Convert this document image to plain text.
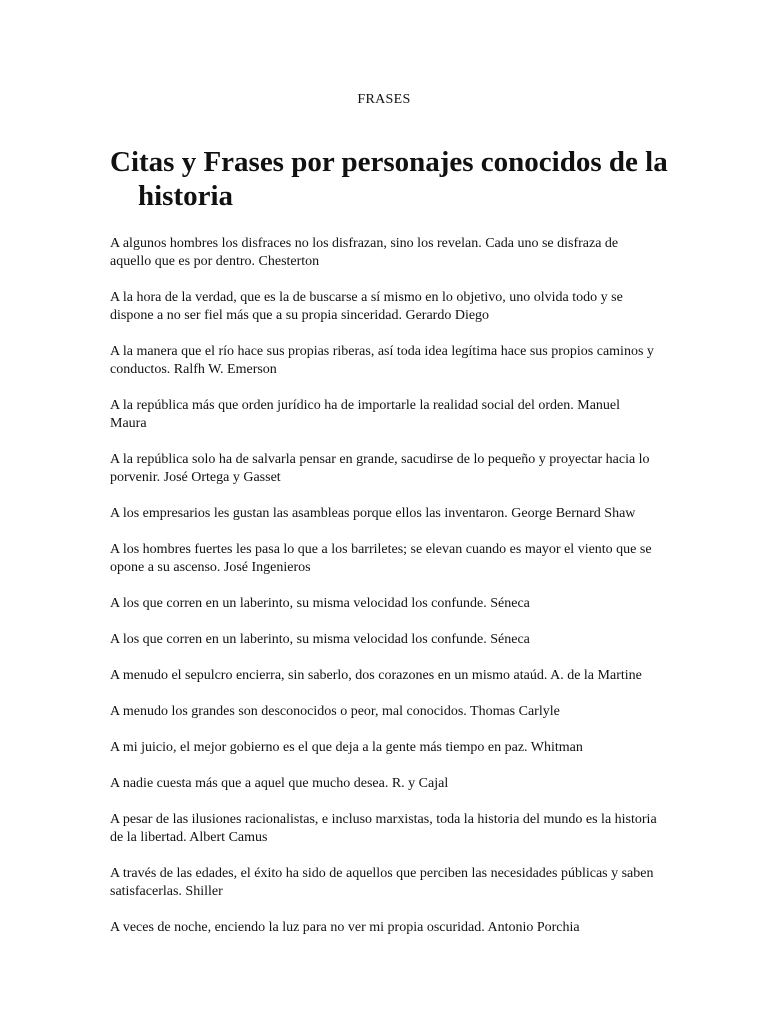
FRASES
Citas y Frases por personajes conocidos de la historia
A algunos hombres los disfraces no los disfrazan, sino los revelan. Cada uno se disfraza de aquello que es por dentro. Chesterton
A la hora de la verdad, que es la de buscarse a sí mismo en lo objetivo, uno olvida todo y se dispone a no ser fiel más que a su propia sinceridad. Gerardo Diego
A la manera que el río hace sus propias riberas, así toda idea legítima hace sus propios caminos y conductos. Ralfh W. Emerson
A la república más que orden jurídico ha de importarle la realidad social del orden. Manuel Maura
A la república solo ha de salvarla pensar en grande, sacudirse de lo pequeño y proyectar hacia lo porvenir. José Ortega y Gasset
A los empresarios les gustan las asambleas porque ellos las inventaron. George Bernard Shaw
A los hombres fuertes les pasa lo que a los barriletes; se elevan cuando es mayor el viento que se opone a su ascenso. José Ingenieros
A los que corren en un laberinto, su misma velocidad los confunde. Séneca
A los que corren en un laberinto, su misma velocidad los confunde. Séneca
A menudo el sepulcro encierra, sin saberlo, dos corazones en un mismo ataúd. A. de la Martine
A menudo los grandes son desconocidos o peor, mal conocidos. Thomas Carlyle
A mi juicio, el mejor gobierno es el que deja a la gente más tiempo en paz. Whitman
A nadie cuesta más que a aquel que mucho desea. R. y Cajal
A pesar de las ilusiones racionalistas, e incluso marxistas, toda la historia del mundo es la historia de la libertad. Albert Camus
A través de las edades, el éxito ha sido de aquellos que perciben las necesidades públicas y saben satisfacerlas. Shiller
A veces de noche, enciendo la luz para no ver mi propia oscuridad. Antonio Porchia
